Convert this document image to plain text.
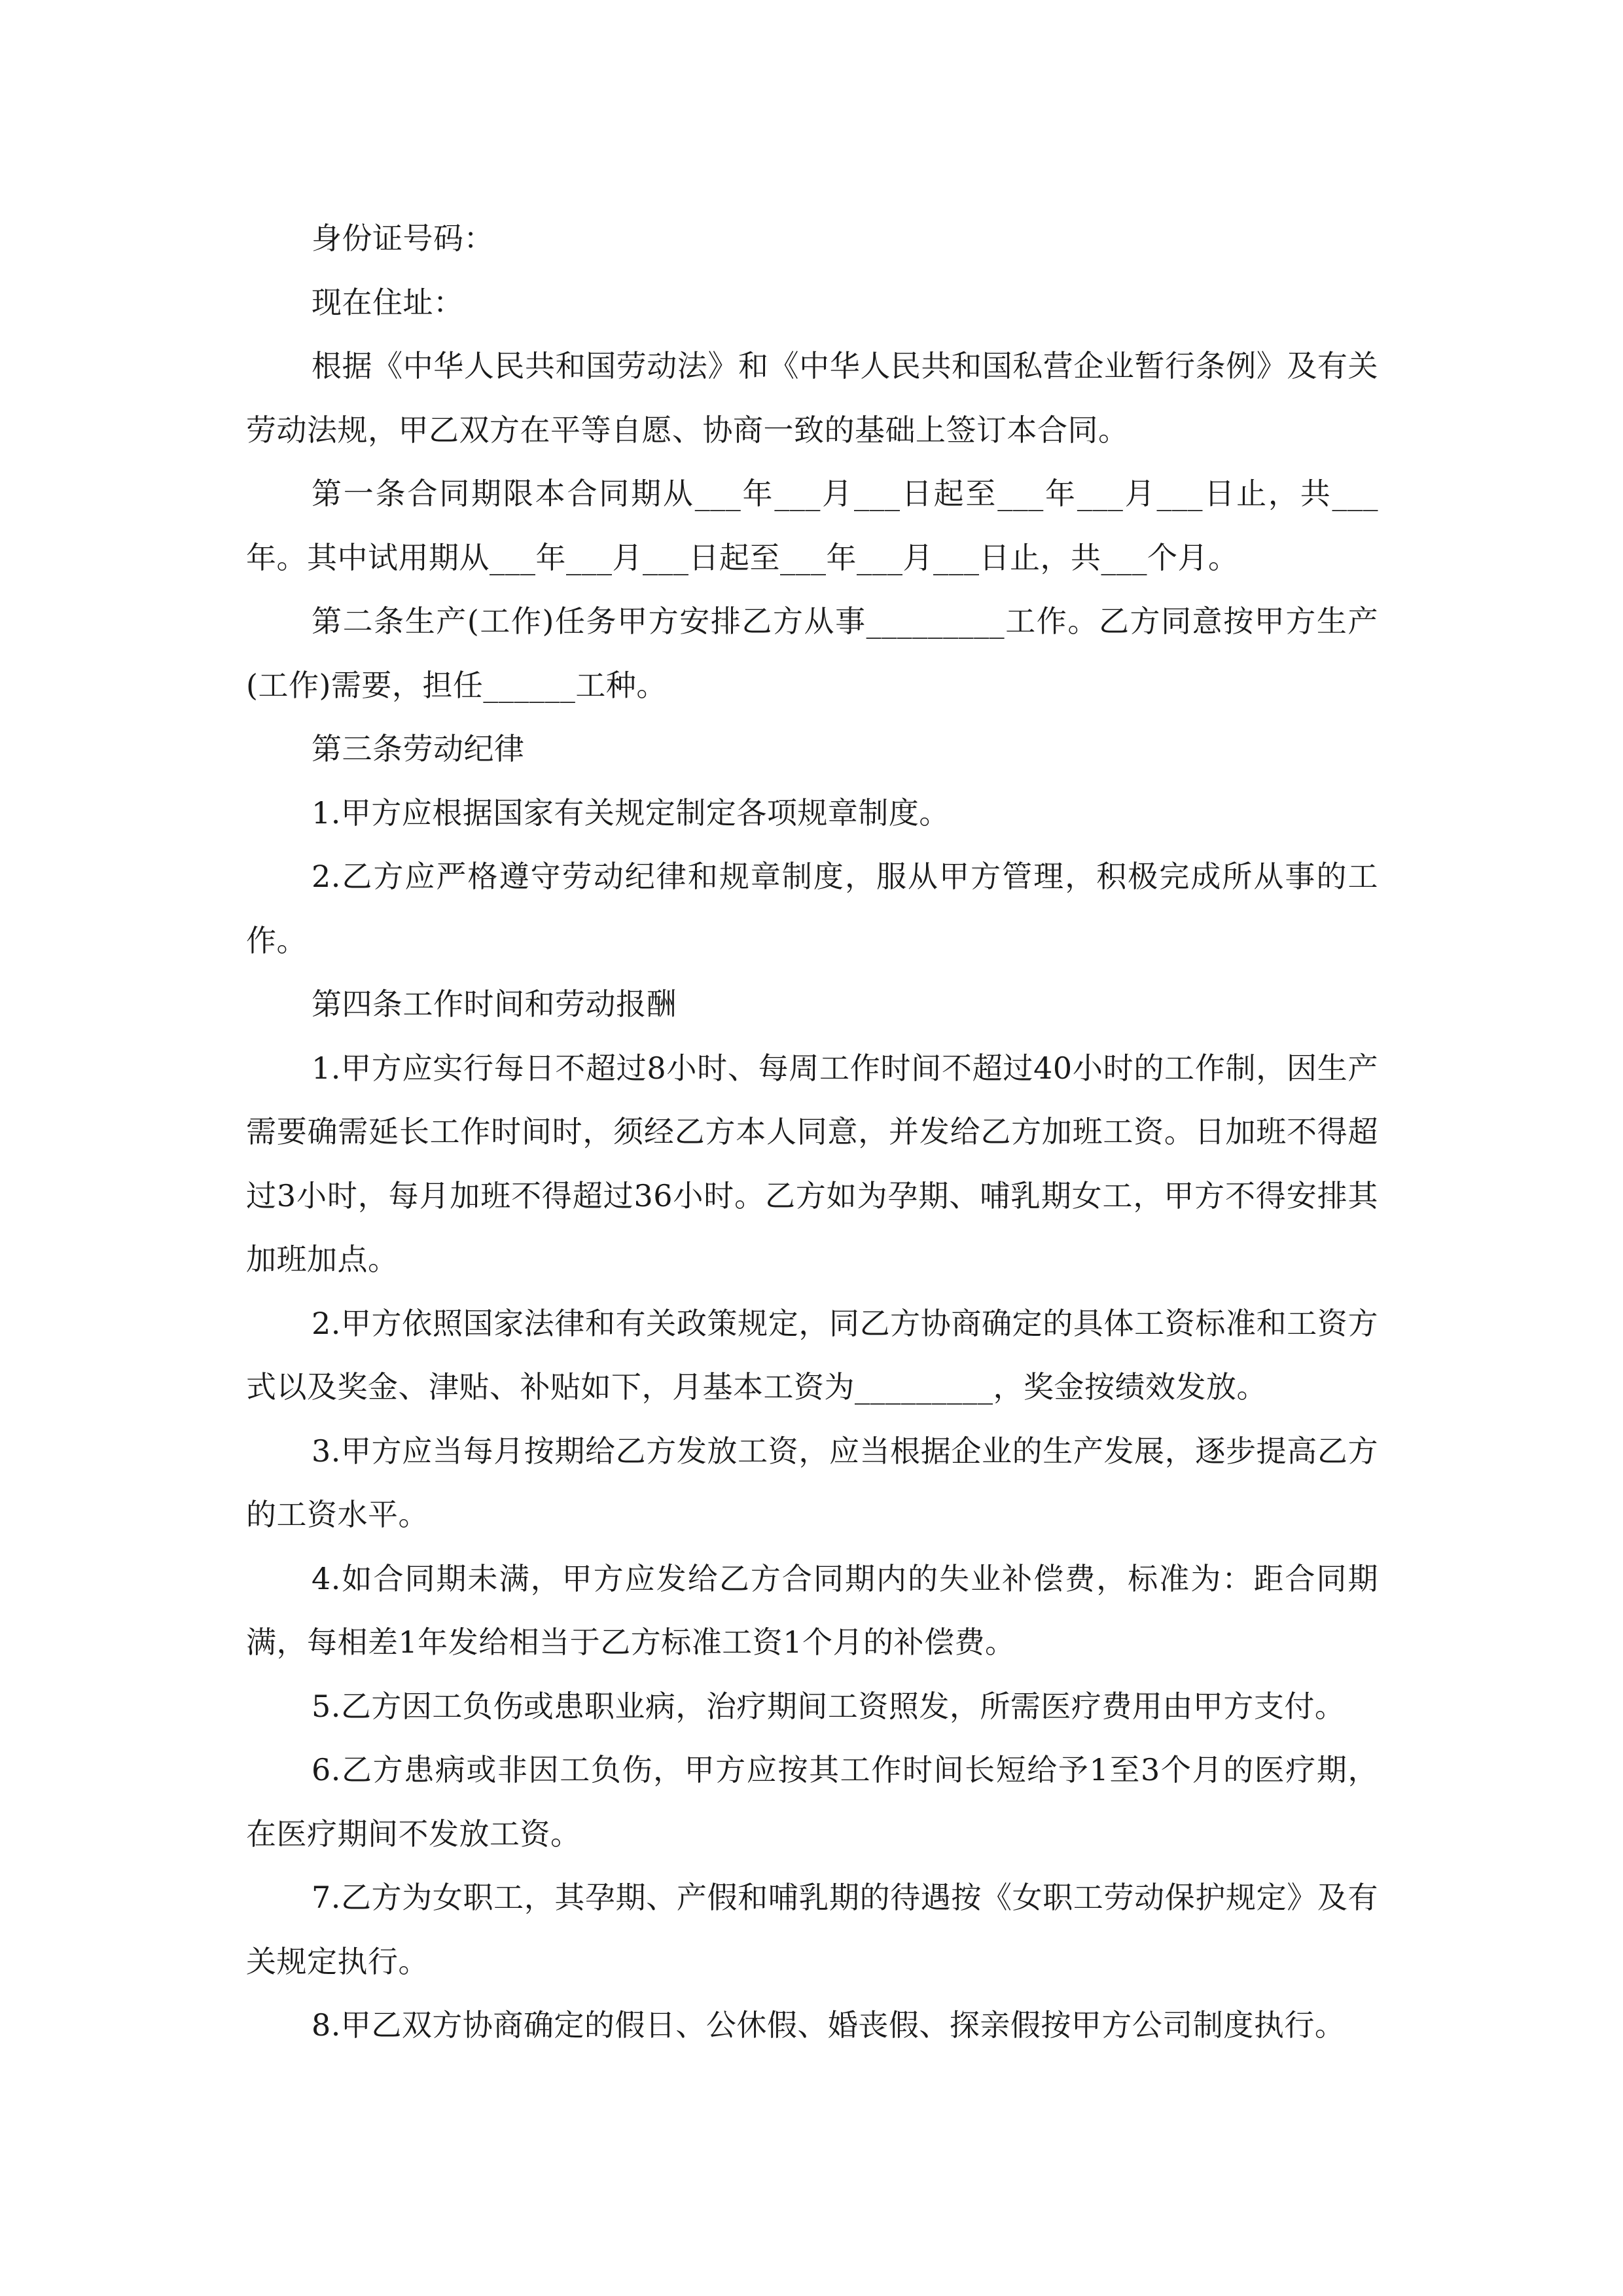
身份证号码：

现在住址：

根据《中华人民共和国劳动法》和《中华人民共和国私营企业暂行条例》及有关劳动法规，甲乙双方在平等自愿、协商一致的基础上签订本合同。

第一条合同期限本合同期从___年___月___日起至___年___月___日止，共___年。其中试用期从___年___月___日起至___年___月___日止，共___个月。

第二条生产(工作)任务甲方安排乙方从事_________工作。乙方同意按甲方生产(工作)需要，担任______工种。

第三条劳动纪律

1.甲方应根据国家有关规定制定各项规章制度。

2.乙方应严格遵守劳动纪律和规章制度，服从甲方管理，积极完成所从事的工作。

第四条工作时间和劳动报酬

1.甲方应实行每日不超过8小时、每周工作时间不超过40小时的工作制，因生产需要确需延长工作时间时，须经乙方本人同意，并发给乙方加班工资。日加班不得超过3小时，每月加班不得超过36小时。乙方如为孕期、哺乳期女工，甲方不得安排其加班加点。

2.甲方依照国家法律和有关政策规定，同乙方协商确定的具体工资标准和工资方式以及奖金、津贴、补贴如下，月基本工资为_________，奖金按绩效发放。

3.甲方应当每月按期给乙方发放工资，应当根据企业的生产发展，逐步提高乙方的工资水平。

4.如合同期未满，甲方应发给乙方合同期内的失业补偿费，标准为：距合同期满，每相差1年发给相当于乙方标准工资1个月的补偿费。

5.乙方因工负伤或患职业病，治疗期间工资照发，所需医疗费用由甲方支付。

6.乙方患病或非因工负伤，甲方应按其工作时间长短给予1至3个月的医疗期，在医疗期间不发放工资。

7.乙方为女职工，其孕期、产假和哺乳期的待遇按《女职工劳动保护规定》及有关规定执行。

8.甲乙双方协商确定的假日、公休假、婚丧假、探亲假按甲方公司制度执行。
